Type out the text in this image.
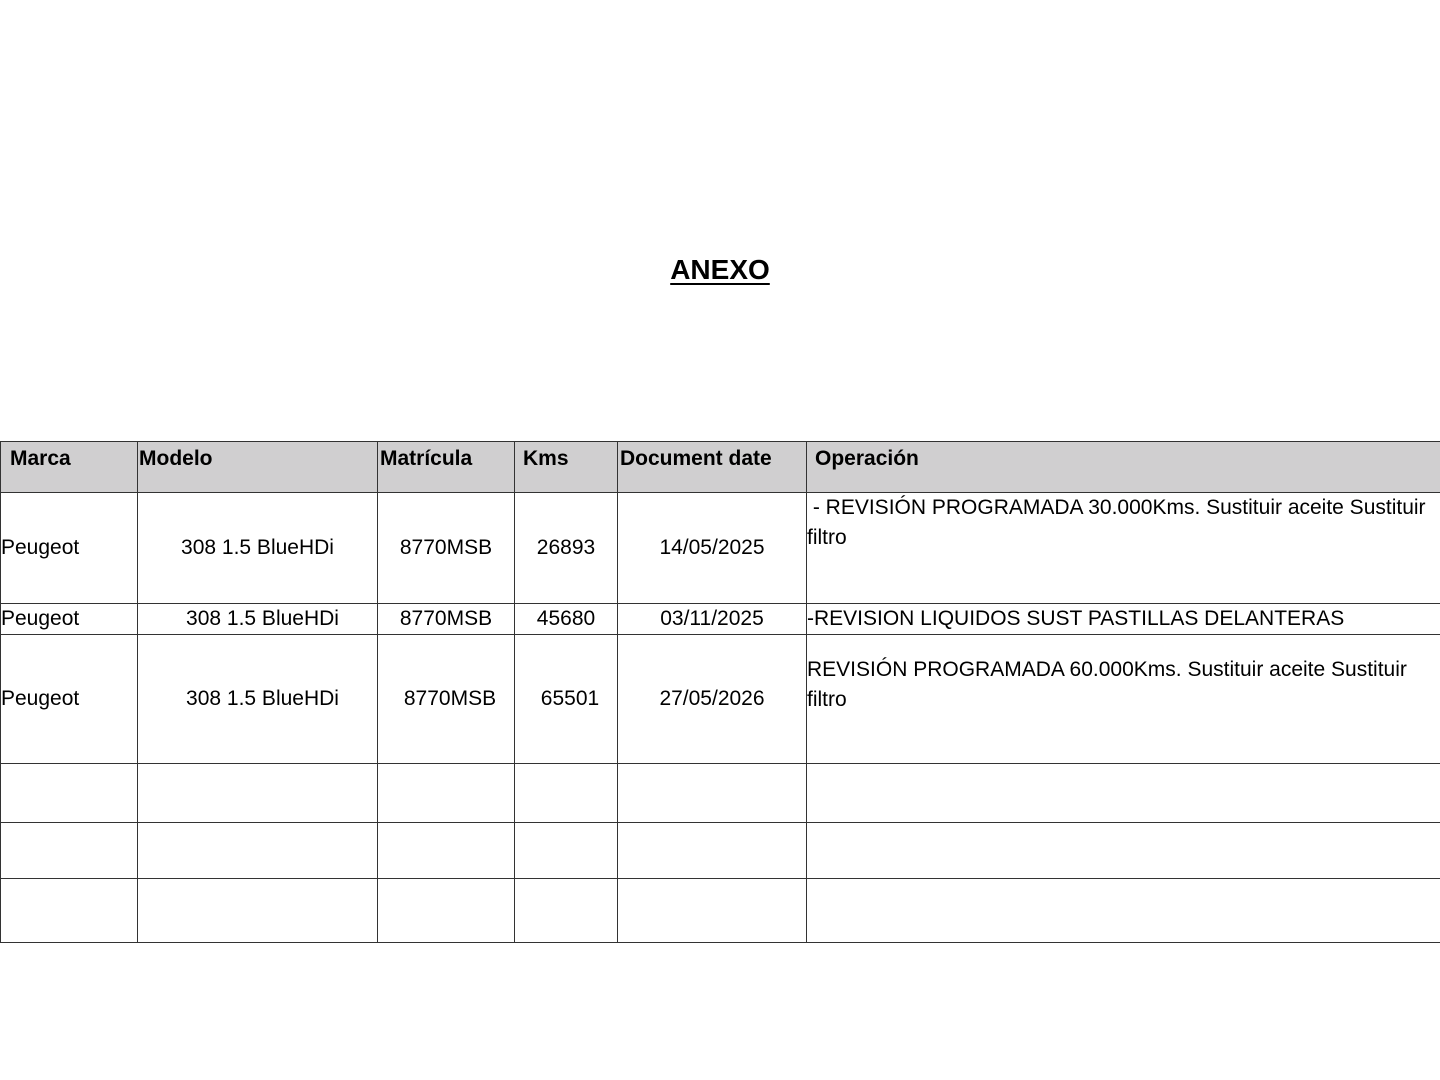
ANEXO
Marca	Modelo	Matrícula	Kms	Document date	Operación
Peugeot	308 1.5 BlueHDi	8770MSB	26893	14/05/2025	- REVISIÓN PROGRAMADA 30.000Kms. Sustituir aceite Sustituir filtro
Peugeot	308 1.5 BlueHDi	8770MSB	45680	03/11/2025	-REVISION LIQUIDOS SUST PASTILLAS DELANTERAS
Peugeot	308 1.5 BlueHDi	8770MSB	65501	27/05/2026	REVISIÓN PROGRAMADA 60.000Kms. Sustituir aceite Sustituir filtro
